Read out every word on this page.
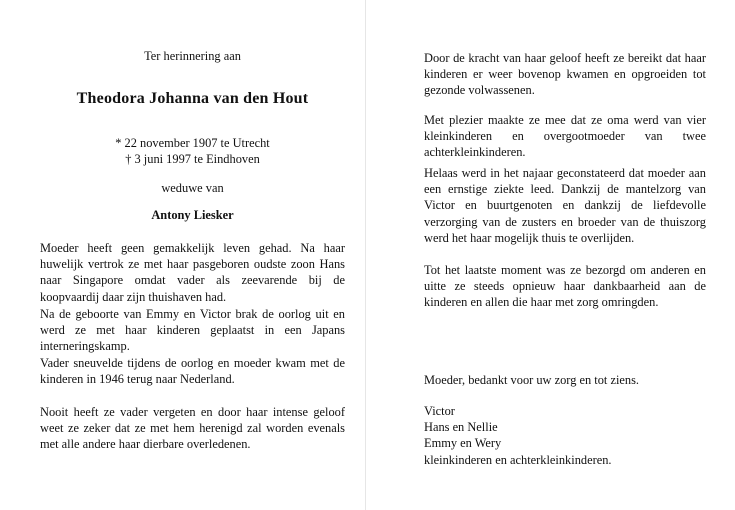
Ter herinnering aan
Theodora Johanna van den Hout
* 22 november 1907 te Utrecht
† 3 juni 1997 te Eindhoven
weduwe van
Antony Liesker
Moeder heeft geen gemakkelijk leven gehad. Na haar huwelijk vertrok ze met haar pasgeboren oudste zoon Hans naar Singapore omdat vader als zeevarende bij de koopvaardij daar zijn thuishaven had.
Na de geboorte van Emmy en Victor brak de oorlog uit en werd ze met haar kinderen geplaatst in een Japans interneringskamp.
Vader sneuvelde tijdens de oorlog en moeder kwam met de kinderen in 1946 terug naar Nederland.
Nooit heeft ze vader vergeten en door haar intense geloof weet ze zeker dat ze met hem herenigd zal worden evenals met alle andere haar dierbare overledenen.
Door de kracht van haar geloof heeft ze bereikt dat haar kinderen er weer bovenop kwamen en opgroeiden tot gezonde volwassenen.
Met plezier maakte ze mee dat ze oma werd van vier kleinkinderen en overgootmoeder van twee achterkleinkinderen.
Helaas werd in het najaar geconstateerd dat moeder aan een ernstige ziekte leed. Dankzij de mantelzorg van Victor en buurtgenoten en dankzij de liefdevolle verzorging van de zusters en broeder van de thuiszorg werd het haar mogelijk thuis te overlijden.
Tot het laatste moment was ze bezorgd om anderen en uitte ze steeds opnieuw haar dankbaarheid aan de kinderen en allen die haar met zorg omringden.
Moeder, bedankt voor uw zorg en tot ziens.
Victor
Hans en Nellie
Emmy en Wery
kleinkinderen en achterkleinkinderen.
